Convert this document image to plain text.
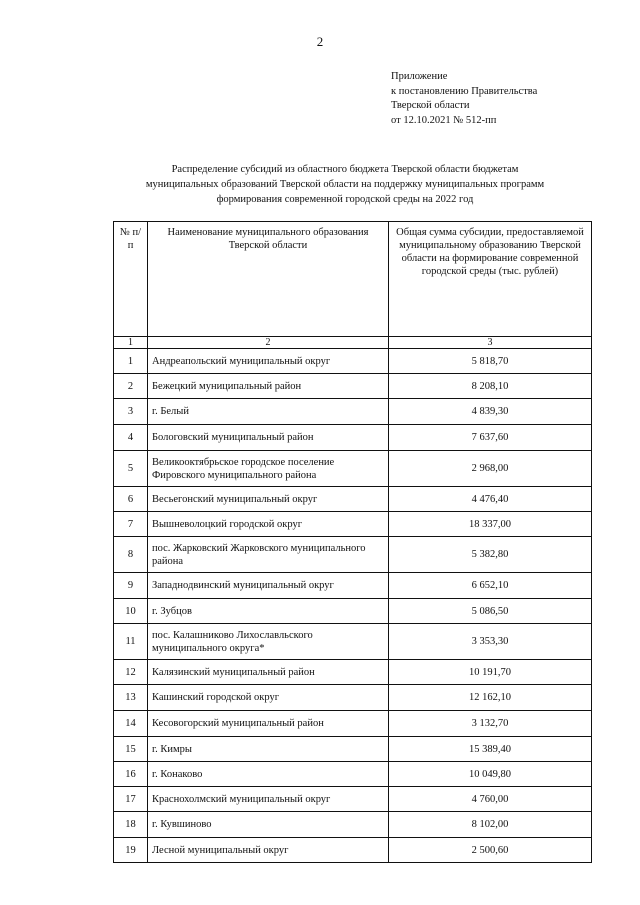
2
Приложение
к постановлению Правительства
Тверской области
от 12.10.2021 № 512-пп
Распределение субсидий из областного бюджета Тверской области бюджетам
муниципальных образований Тверской области на поддержку муниципальных программ
формирования современной городской среды на 2022 год
№ п/п	Наименование муниципального образования Тверской области	Общая сумма субсидии, предоставляемой муниципальному образованию Тверской области на формирование современной городской среды (тыс. рублей)
1	2	3
1	Андреапольский муниципальный округ	5 818,70
2	Бежецкий муниципальный район	8 208,10
3	г. Белый	4 839,30
4	Бологовский муниципальный район	7 637,60
5	Великооктябрьское городское поселение Фировского муниципального района	2 968,00
6	Весьегонский муниципальный округ	4 476,40
7	Вышневолоцкий городской округ	18 337,00
8	пос. Жарковский Жарковского муниципального района	5 382,80
9	Западнодвинский муниципальный округ	6 652,10
10	г. Зубцов	5 086,50
11	пос. Калашниково Лихославльского муниципального округа*	3 353,30
12	Калязинский муниципальный район	10 191,70
13	Кашинский городской округ	12 162,10
14	Кесовогорский муниципальный район	3 132,70
15	г. Кимры	15 389,40
16	г. Конаково	10 049,80
17	Краснохолмский муниципальный округ	4 760,00
18	г. Кувшиново	8 102,00
19	Лесной муниципальный округ	2 500,60
